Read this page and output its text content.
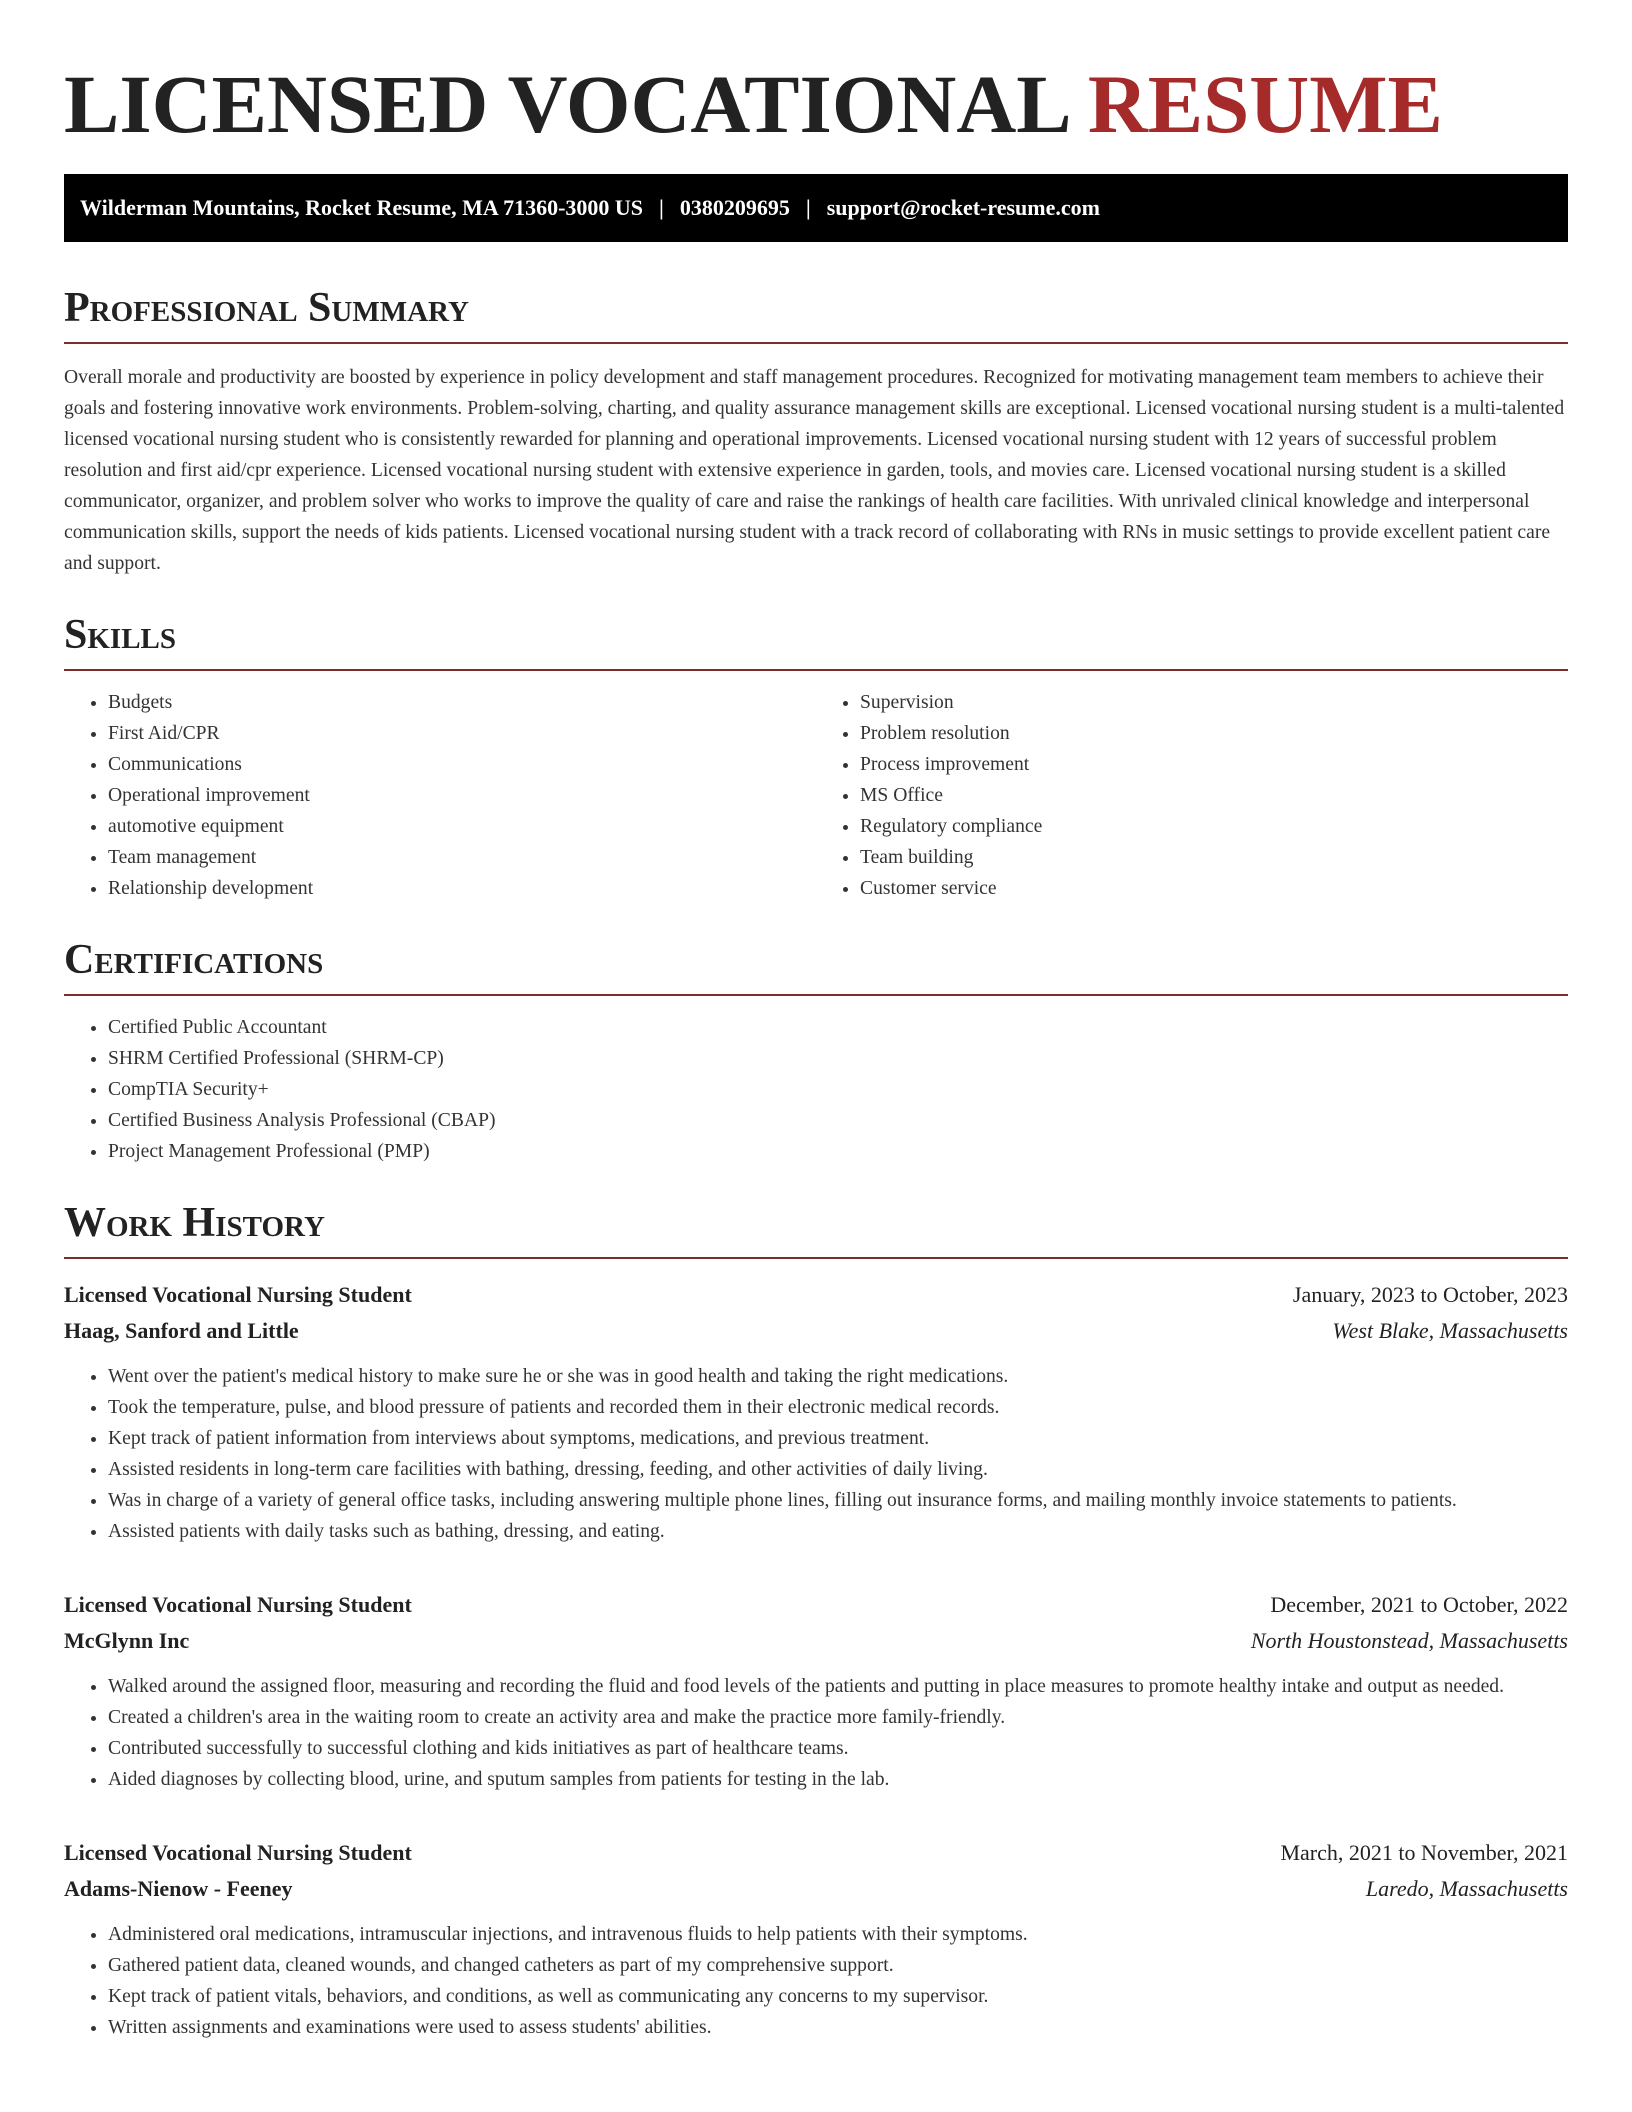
LICENSED VOCATIONAL RESUME
Wilderman Mountains, Rocket Resume, MA 71360-3000 US | 0380209695 | support@rocket-resume.com
Professional Summary

Overall morale and productivity are boosted by experience in policy development and staff management procedures. Recognized for motivating management team members to achieve their goals and fostering innovative work environments. Problem-solving, charting, and quality assurance management skills are exceptional. Licensed vocational nursing student is a multi-talented licensed vocational nursing student who is consistently rewarded for planning and operational improvements. Licensed vocational nursing student with 12 years of successful problem resolution and first aid/cpr experience. Licensed vocational nursing student with extensive experience in garden, tools, and movies care. Licensed vocational nursing student is a skilled communicator, organizer, and problem solver who works to improve the quality of care and raise the rankings of health care facilities. With unrivaled clinical knowledge and interpersonal communication skills, support the needs of kids patients. Licensed vocational nursing student with a track record of collaborating with RNs in music settings to provide excellent patient care and support.

Skills
• Budgets
• First Aid/CPR
• Communications
• Operational improvement
• automotive equipment
• Team management
• Relationship development
• Supervision
• Problem resolution
• Process improvement
• MS Office
• Regulatory compliance
• Team building
• Customer service
Certifications
• Certified Public Accountant
• SHRM Certified Professional (SHRM-CP)
• CompTIA Security+
• Certified Business Analysis Professional (CBAP)
• Project Management Professional (PMP)
Work History
Licensed Vocational Nursing Student	January, 2023 to October, 2023
Haag, Sanford and Little	West Blake, Massachusetts
• Went over the patient's medical history to make sure he or she was in good health and taking the right medications.
• Took the temperature, pulse, and blood pressure of patients and recorded them in their electronic medical records.
• Kept track of patient information from interviews about symptoms, medications, and previous treatment.
• Assisted residents in long-term care facilities with bathing, dressing, feeding, and other activities of daily living.
• Was in charge of a variety of general office tasks, including answering multiple phone lines, filling out insurance forms, and mailing monthly invoice statements to patients.
• Assisted patients with daily tasks such as bathing, dressing, and eating.
Licensed Vocational Nursing Student	December, 2021 to October, 2022
McGlynn Inc	North Houstonstead, Massachusetts
• Walked around the assigned floor, measuring and recording the fluid and food levels of the patients and putting in place measures to promote healthy intake and output as needed.
• Created a children's area in the waiting room to create an activity area and make the practice more family-friendly.
• Contributed successfully to successful clothing and kids initiatives as part of healthcare teams.
• Aided diagnoses by collecting blood, urine, and sputum samples from patients for testing in the lab.
Licensed Vocational Nursing Student	March, 2021 to November, 2021
Adams-Nienow - Feeney	Laredo, Massachusetts
• Administered oral medications, intramuscular injections, and intravenous fluids to help patients with their symptoms.
• Gathered patient data, cleaned wounds, and changed catheters as part of my comprehensive support.
• Kept track of patient vitals, behaviors, and conditions, as well as communicating any concerns to my supervisor.
• Written assignments and examinations were used to assess students' abilities.
